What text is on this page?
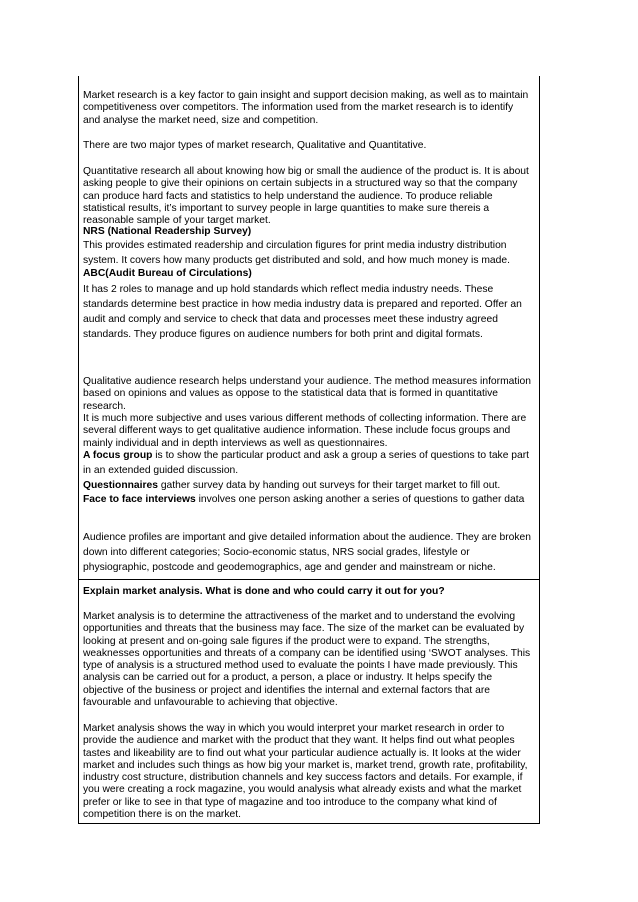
Market research is a key factor to gain insight and support decision making, as well as to maintain competitiveness over competitors. The information used from the market research is to identify and analyse the market need, size and competition.

There are two major types of market research, Qualitative and Quantitative.

Quantitative research all about knowing how big or small the audience of the product is. It is about asking people to give their opinions on certain subjects in a structured way so that the company can produce hard facts and statistics to help understand the audience. To produce reliable statistical results, it’s important to survey people in large quantities to make sure thereis a reasonable sample of your target market.

NRS (National Readership Survey)

This provides estimated readership and circulation figures for print media industry distribution system. It covers how many products get distributed and sold, and how much money is made.

ABC(Audit Bureau of Circulations)

It has 2 roles to manage and up hold standards which reflect media industry needs. These standards determine best practice in how media industry data is prepared and reported. Offer an audit and comply and service to check that data and processes meet these industry agreed standards. They produce figures on audience numbers for both print and digital formats.

Qualitative audience research helps understand your audience. The method measures information based on opinions and values as oppose to the statistical data that is formed in quantitative research.

It is much more subjective and uses various different methods of collecting information. There are several different ways to get qualitative audience information. These include focus groups and mainly individual and in depth interviews as well as questionnaires.

A focus group is to show the particular product and ask a group a series of questions to take part in an extended guided discussion.

Questionnaires gather survey data by handing out surveys for their target market to fill out.

Face to face interviews involves one person asking another a series of questions to gather data

Audience profiles are important and give detailed information about the audience. They are broken down into different categories; Socio-economic status, NRS social grades, lifestyle or physiographic, postcode and geodemographics, age and gender and mainstream or niche.

Explain market analysis. What is done and who could carry it out for you?

Market analysis is to determine the attractiveness of the market and to understand the evolving opportunities and threats that the business may face. The size of the market can be evaluated by looking at present and on-going sale figures if the product were to expand. The strengths, weaknesses opportunities and threats of a company can be identified using ‘SWOT analyses. This type of analysis is a structured method used to evaluate the points I have made previously. This analysis can be carried out for a product, a person, a place or industry. It helps specify the objective of the business or project and identifies the internal and external factors that are favourable and unfavourable to achieving that objective.

Market analysis shows the way in which you would interpret your market research in order to provide the audience and market with the product that they want. It helps find out what peoples tastes and likeability are to find out what your particular audience actually is. It looks at the wider market and includes such things as how big your market is, market trend, growth rate, profitability, industry cost structure, distribution channels and key success factors and details. For example, if you were creating a rock magazine, you would analysis what already exists and what the market prefer or like to see in that type of magazine and too introduce to the company what kind of competition there is on the market.
